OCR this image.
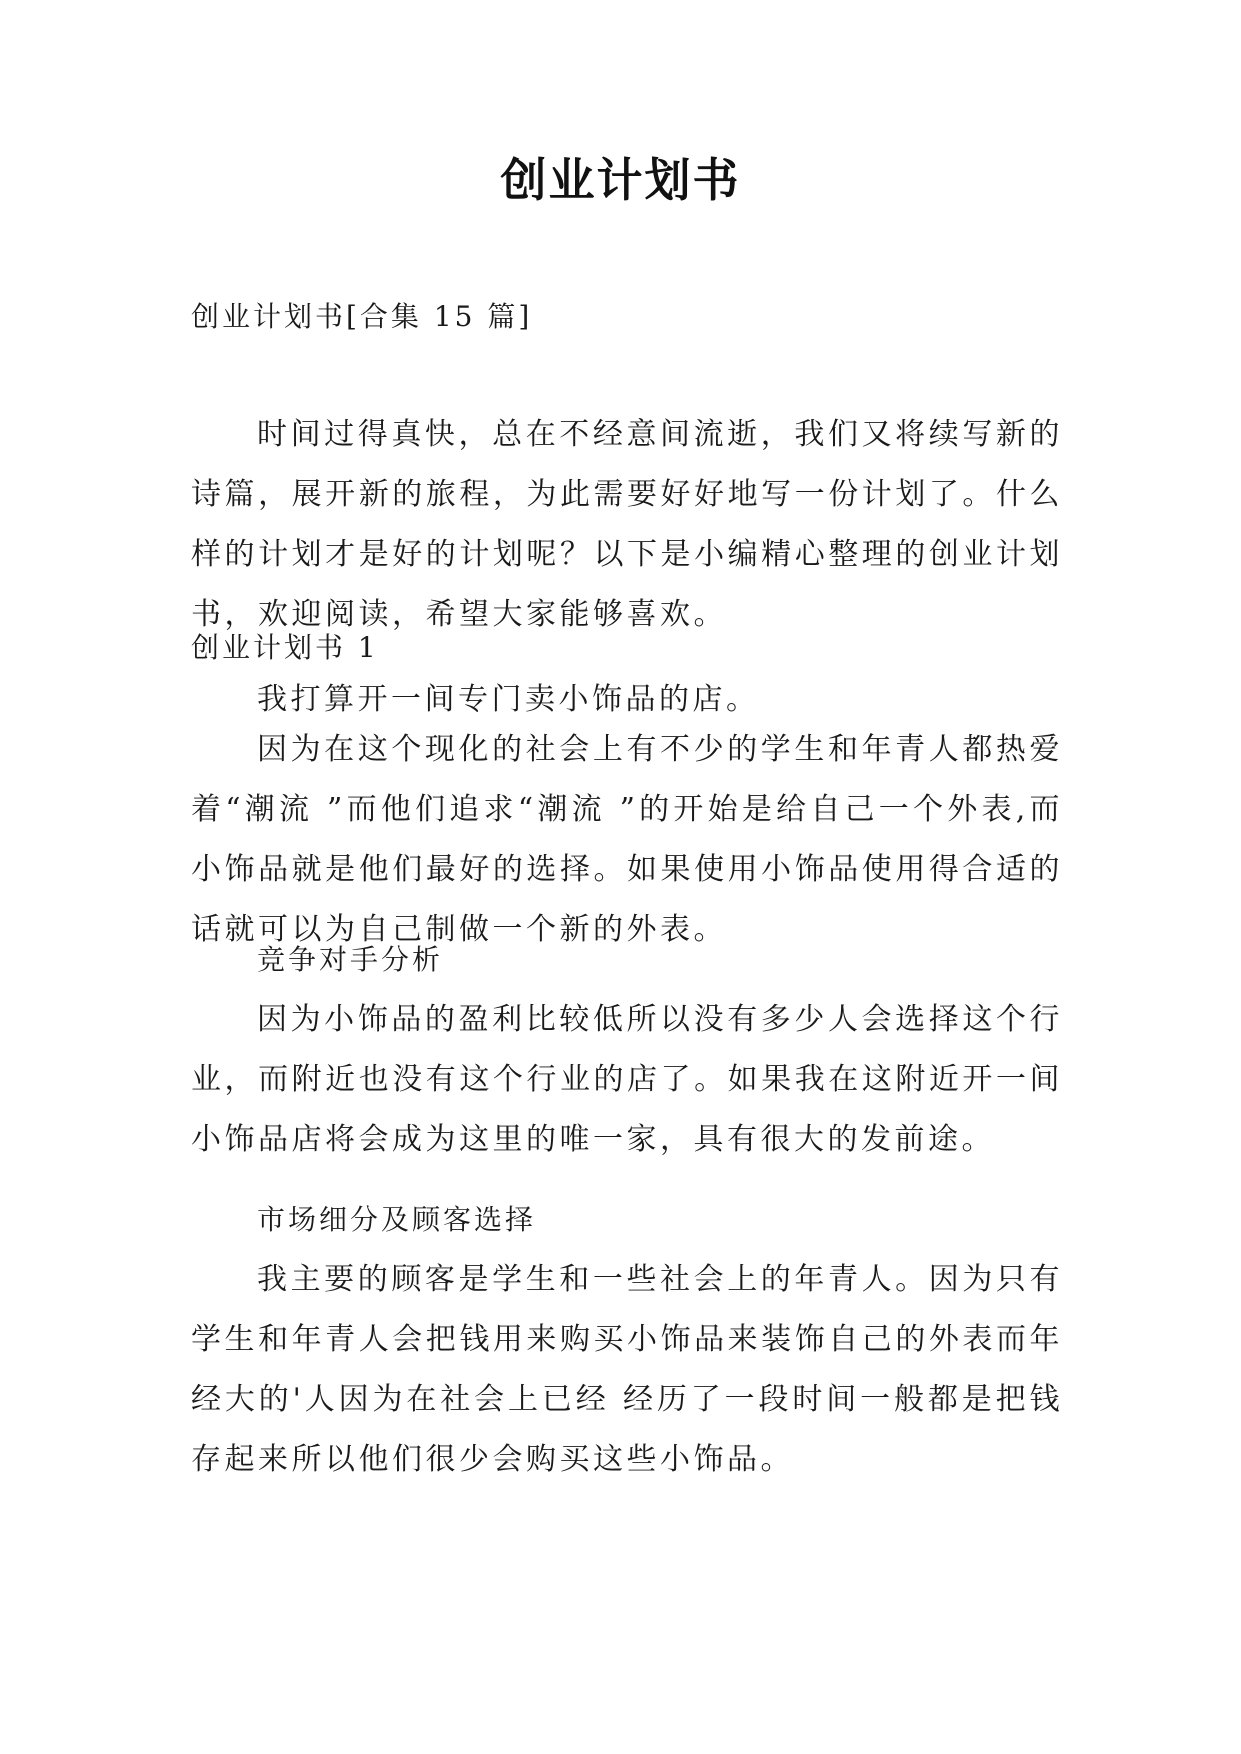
创业计划书
创业计划书[合集 15 篇]

时间过得真快，总在不经意间流逝，我们又将续写新的诗篇，展开新的旅程，为此需要好好地写一份计划了。什么样的计划才是好的计划呢？以下是小编精心整理的创业计划书，欢迎阅读，希望大家能够喜欢。

创业计划书 1

我打算开一间专门卖小饰品的店。

因为在这个现化的社会上有不少的学生和年青人都热爱着“潮流 ”而他们追求“潮流 ”的开始是给自己一个外表,而小饰品就是他们最好的选择。如果使用小饰品使用得合适的话就可以为自己制做一个新的外表。

竞争对手分析

因为小饰品的盈利比较低所以没有多少人会选择这个行业，而附近也没有这个行业的店了。如果我在这附近开一间小饰品店将会成为这里的唯一家，具有很大的发前途。

市场细分及顾客选择

我主要的顾客是学生和一些社会上的年青人。因为只有学生和年青人会把钱用来购买小饰品来装饰自己的外表而年经大的'人因为在社会上已经 经历了一段时间一般都是把钱存起来所以他们很少会购买这些小饰品。
